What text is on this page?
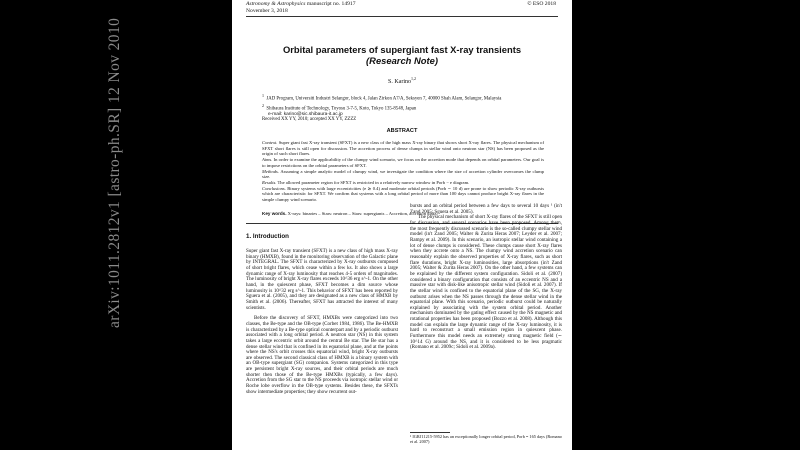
Astronomy & Astrophysics manuscript no. 14917
November 3, 2018
© ESO 2018
Orbital parameters of supergiant fast X-ray transients
(Research Note)
S. Karino$^{1,2}$
$^1$  JAD Program, Universiti Industri Selangor, block 4, Jalan Zirkon A7/A, Seksyen 7, 40000 Shah Alam, Selangor, Malaysia
$^2$  Shibaura Institute of Technology, Toyosu 3-7-5, Koto, Tokyo 135-8548, Japan
e-mail: karino@sic.shibaura-it.ac.jp
Received XX YY, 2010; accepted XX YY, ZZZZ
ABSTRACT
Context. Super giant fast X-ray transient (SFXT) is a new class of the high mass X-ray binary that shows short X-ray flares. The physical mechanism of SFXT short flares is still open for discussion. The accretion process of dense clumps in stellar wind onto neutron star (NS) has been proposed as the origin of such short flares.
Aims. In order to examine the applicability of the clumpy wind scenario, we focus on the accretion mode that depends on orbital parameters. Our goal is to impose restrictions on the orbital parameters of SFXT.
Methods. Assuming a simple analytic model of clumpy wind, we investigate the condition where the size of accretion cylinder overcomes the clump size.
Results. The allowed parameter region for SFXT is restricted in a relatively narrow window in Porb − e diagram.
Conclusions. Binary systems with large eccentricities (e ≳ 0.4) and moderate orbital periods (Porb ∼ 10 d) are prone to show periodic X-ray outbursts which are characteristic for SFXT. We confirm that systems with a long orbital period of more than 100 days cannot produce bright X-ray flares in the simple clumpy wind scenario.
Key words. X-rays: binaries – Stars: neutron – Stars: supergiants – Accretion, accretion disks
1. Introduction

Super giant fast X-ray transient (SFXT) is a new class of high mass X-ray binary (HMXB), found in the monitoring observation of the Galactic plane by INTEGRAL. The SFXT is characterized by X-ray outbursts composed of short bright flares, which cease within a few ks. It also shows a large dynamic range of X-ray luminosity that reaches 4-5 orders of magnitudes. The luminosity of bright X-ray flares exceeds 10^36 erg s^-1. On the other hand, in the quiescent phase, SFXT becomes a dim source whose luminosity is 10^32 erg s^-1. This behavior of SFXT has been reported by Sguera et al. (2005), and they are designated as a new class of HMXB by Smith et al. (2006). Thereafter, SFXT has attracted the interest of many scientists.

Before the discovery of SFXT, HMXBs were categorized into two classes, the Be-type and the OB-type (Corbet 1984, 1986). The Be-HMXB is characterized by a Be-type optical counterpart and by a periodic outburst associated with a long orbital period. A neutron star (NS) in this system takes a large eccentric orbit around the central Be star. The Be star has a dense stellar wind that is confined in its equatorial plane, and at the points where the NS's orbit crosses this equatorial wind, bright X-ray outbursts are observed. The second classical class of HMXB is a binary system with an OB-type supergiant (SG) companion. Systems categorized in this type are persistent bright X-ray sources, and their orbital periods are much shorter then those of the Be-type HMXBs (typically, a few days). Accretion from the SG star to the NS proceeds via isotropic stellar wind or Roche lobe overflow in the OB-type systems. Besides these, the SFXTs show intermediate properties; they show recurrent out-

bursts and an orbital period between a few days to several 10 days ¹ (in't Zand 2005; Sguera et al. 2005).

The physical mechanism of short X-ray flares of the SFXT is still open for discussion, and several scenarios have been proposed. Among them, the most frequently discussed scenario is the so-called clumpy stellar wind model (in't Zand 2005; Walter & Zurita Heras 2007; Leyder et al. 2007; Rampy et al. 2009). In this scenario, an isotropic stellar wind containing a lot of dense clumps is considered. These clumps cause short X-ray flares when they accrete onto a NS. The clumpy wind accretion scenario can reasonably explain the observed properties of X-ray flares, such as short flare durations, bright X-ray luminosities, large absorptions (in't Zand 2005; Walter & Zurita Heras 2007). On the other hand, a few systems can be explained by the different system configuration. Sidoli et al. (2007) considered a binary configuration that consists of an eccentric NS and a massive star with disk-like anisotropic stellar wind (Sidoli et al. 2007). If the stellar wind is confined to the equatorial plane of the SG, the X-ray outburst arises when the NS passes through the dense stellar wind in the equatorial plane. With this scenario, periodic outburst could be naturally explained by associating with the system orbital period. Another mechanism dominated by the gating effect caused by the NS magnetic and rotational properties has been proposed (Bozzo et al. 2008). Although this model can explain the large dynamic range of the X-ray luminosity, it is hard to reconstruct a small emission region in quiescent phase. Furthermore this model needs an extremely strong magnetic field (∼ 10^14 G) around the NS, and it is considered to be less pragmatic (Romano et al. 2009c; Sidoli et al. 2009a).

¹ IGRJ11215-5952 has an exceptionally longer orbital period, Porb = 165 days (Romano et al. 2007)
arXiv:1011.2812v1 [astro-ph.SR] 12 Nov 2010
